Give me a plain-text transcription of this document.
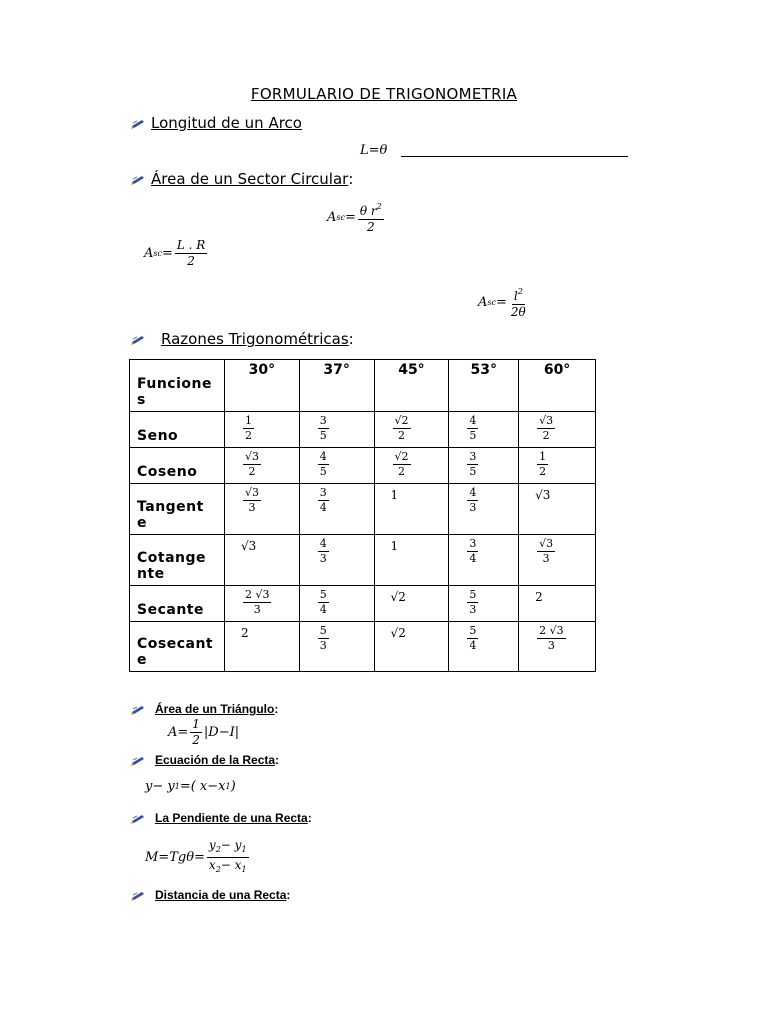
FORMULARIO DE TRIGONOMETRIA
Longitud de un Arco
L=θ
Área de un Sector Circular :
A sc = $\frac{\theta r^2}{2}$
A sc = $\frac{L . R}{2}$
A sc = $\frac{l^2}{2\theta}$
Razones Trigonométricas :
Funcione s	30°	37°	45°	53°	60°
Seno	$\frac{1}{2}$	$\frac{3}{5}$	$\frac{√2}{2}$	$\frac{4}{5}$	$\frac{√3}{2}$

Coseno	$\frac{√3}{2}$	$\frac{4}{5}$	$\frac{√2}{2}$	$\frac{3}{5}$	$\frac{1}{2}$

Tangent e	$\frac{√3}{3}$	$\frac{3}{4}$	1	$\frac{4}{3}$	√3

Cotange nte	√3	$\frac{4}{3}$	1	$\frac{3}{4}$	$\frac{√3}{3}$

Secante	$\frac{2 √3}{3}$	$\frac{5}{4}$	√2	$\frac{5}{3}$	2

Cosecant e	2	$\frac{5}{3}$	√2	$\frac{5}{4}$	$\frac{2 √3}{3}$
Área de un Triángulo :
$A= \frac{1}{2} |D-I|$
Ecuación de la Recta :
y− y 1 =( x−x 1 )
La Pendiente de una Recta :
$M=Tg\theta= \frac{y_2- y_1}{x_2- x_1}$
Distancia de una Recta :
